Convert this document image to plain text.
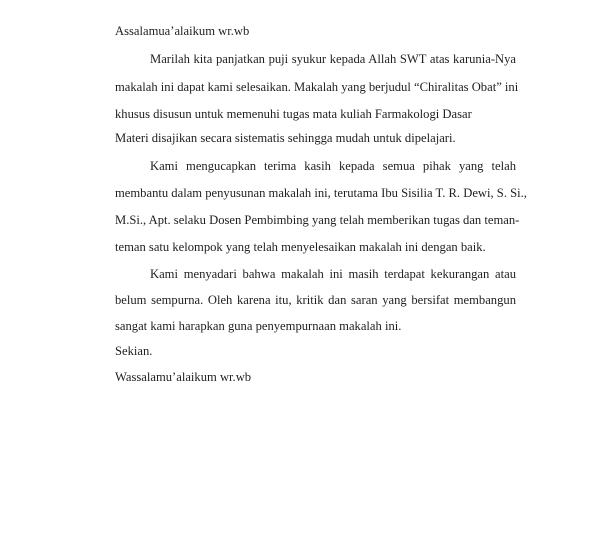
Assalamua’alaikum wr.wb
Marilah kita panjatkan puji syukur kepada Allah SWT atas karunia-Nya
makalah ini dapat kami selesaikan. Makalah yang berjudul “Chiralitas Obat” ini
khusus disusun untuk memenuhi tugas mata kuliah Farmakologi Dasar
Materi disajikan secara sistematis sehingga mudah untuk dipelajari.
Kami mengucapkan terima kasih kepada semua pihak yang telah
membantu dalam penyusunan makalah ini, terutama Ibu Sisilia T. R. Dewi, S. Si.,
M.Si., Apt. selaku Dosen Pembimbing yang telah memberikan tugas dan teman-
teman satu kelompok yang telah menyelesaikan makalah ini dengan baik.
Kami menyadari bahwa makalah ini masih terdapat kekurangan atau
belum sempurna. Oleh karena itu, kritik dan saran yang bersifat membangun
sangat kami harapkan guna penyempurnaan makalah ini.
Sekian.
Wassalamu’alaikum wr.wb
